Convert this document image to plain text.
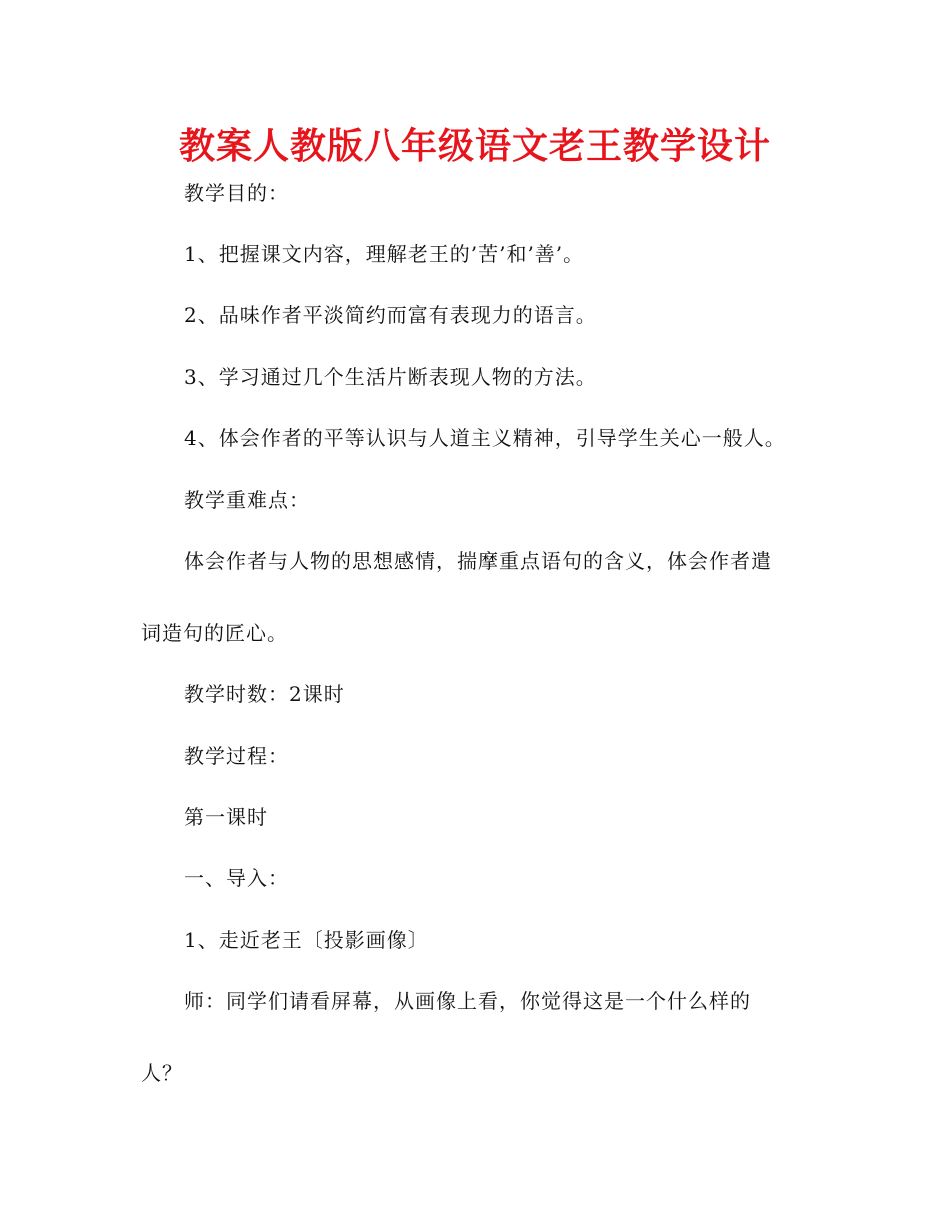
教案人教版八年级语文老王教学设计
教学目的：
1、把握课文内容，理解老王的’苦’和’善’。
2、品味作者平淡简约而富有表现力的语言。
3、学习通过几个生活片断表现人物的方法。
4、体会作者的平等认识与人道主义精神，引导学生关心一般人。
教学重难点：
体会作者与人物的思想感情，揣摩重点语句的含义，体会作者遣
词造句的匠心。
教学时数：2课时
教学过程：
第一课时
一、导入：
1、走近老王〔投影画像〕
师：同学们请看屏幕，从画像上看，你觉得这是一个什么样的
人？
